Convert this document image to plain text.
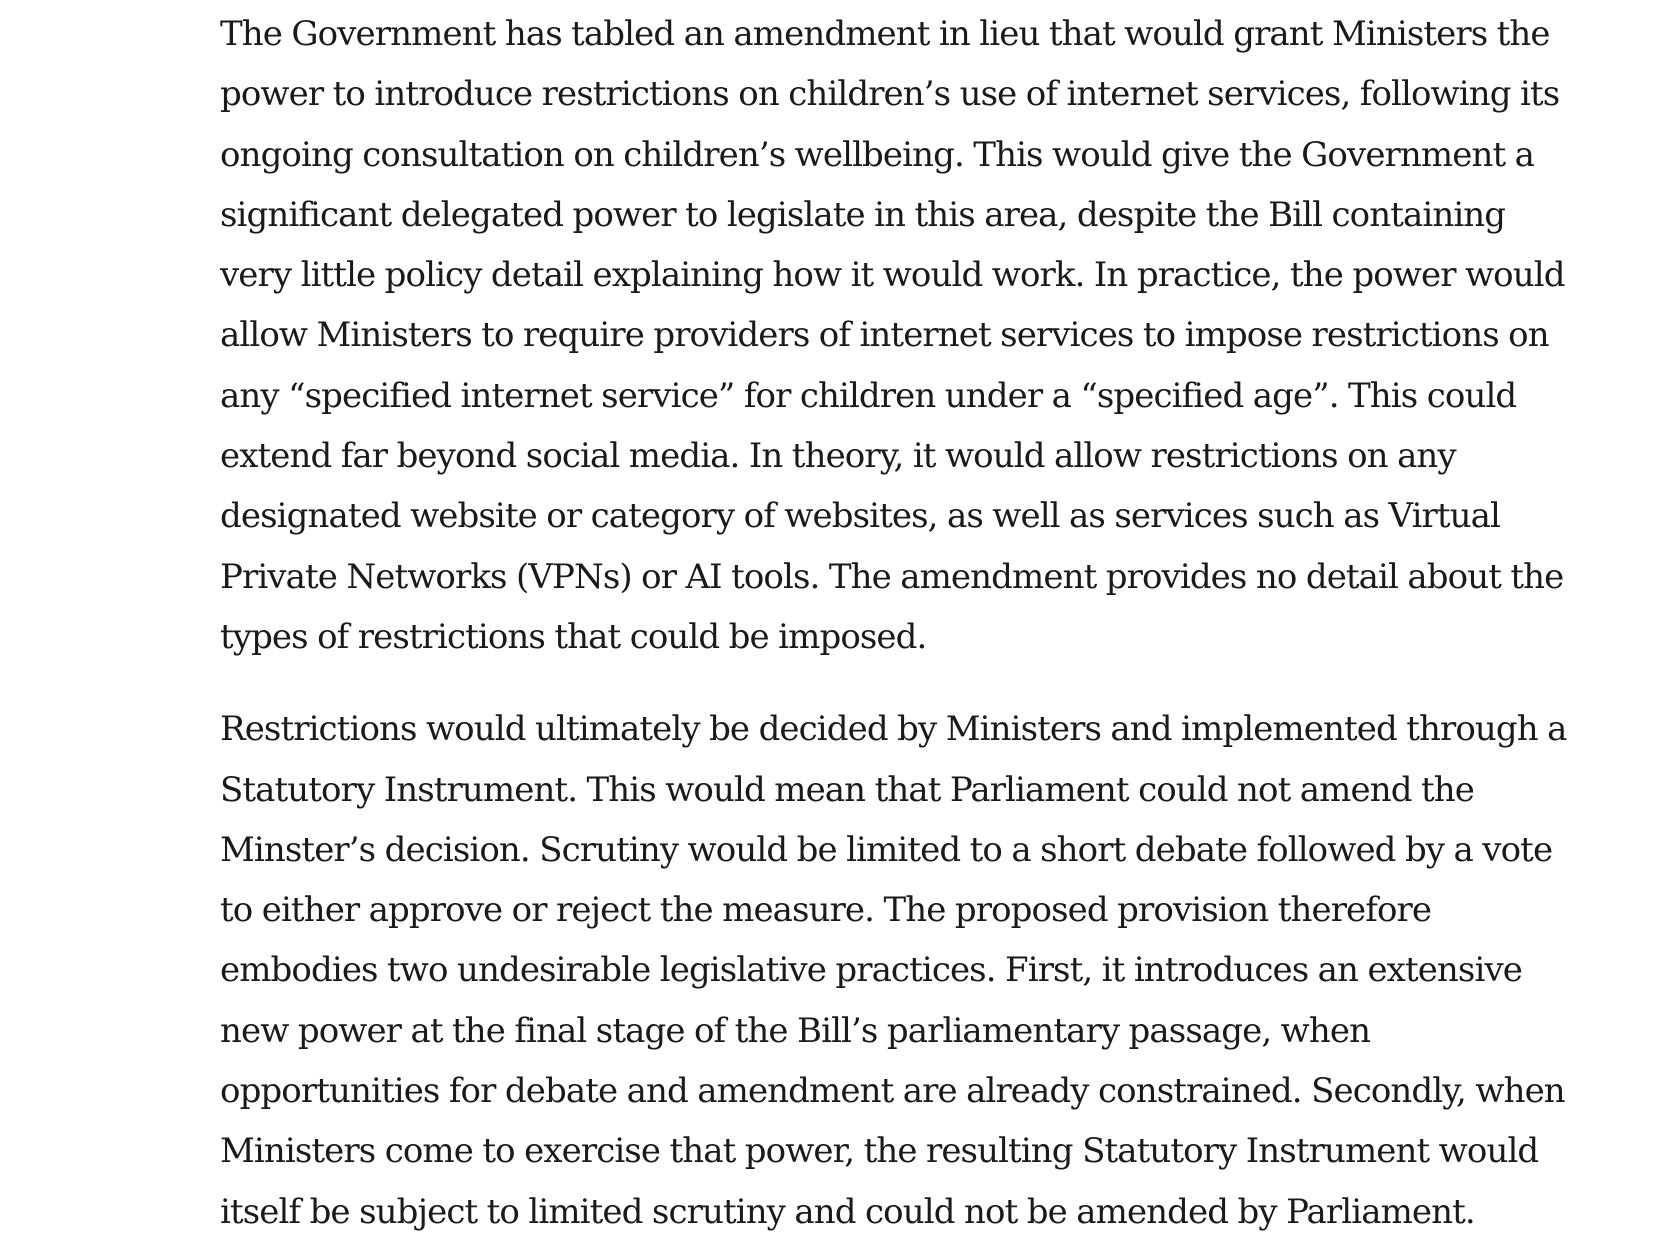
The Government has tabled an amendment in lieu that would grant Ministers the power to introduce restrictions on children’s use of internet services, following its ongoing consultation on children’s wellbeing. This would give the Government a significant delegated power to legislate in this area, despite the Bill containing very little policy detail explaining how it would work. In practice, the power would allow Ministers to require providers of internet services to impose restrictions on any “specified internet service” for children under a “specified age”. This could extend far beyond social media. In theory, it would allow restrictions on any designated website or category of websites, as well as services such as Virtual Private Networks (VPNs) or AI tools. The amendment provides no detail about the types of restrictions that could be imposed.

Restrictions would ultimately be decided by Ministers and implemented through a Statutory Instrument. This would mean that Parliament could not amend the Minster’s decision. Scrutiny would be limited to a short debate followed by a vote to either approve or reject the measure. The proposed provision therefore embodies two undesirable legislative practices. First, it introduces an extensive new power at the final stage of the Bill’s parliamentary passage, when opportunities for debate and amendment are already constrained. Secondly, when Ministers come to exercise that power, the resulting Statutory Instrument would itself be subject to limited scrutiny and could not be amended by Parliament.
